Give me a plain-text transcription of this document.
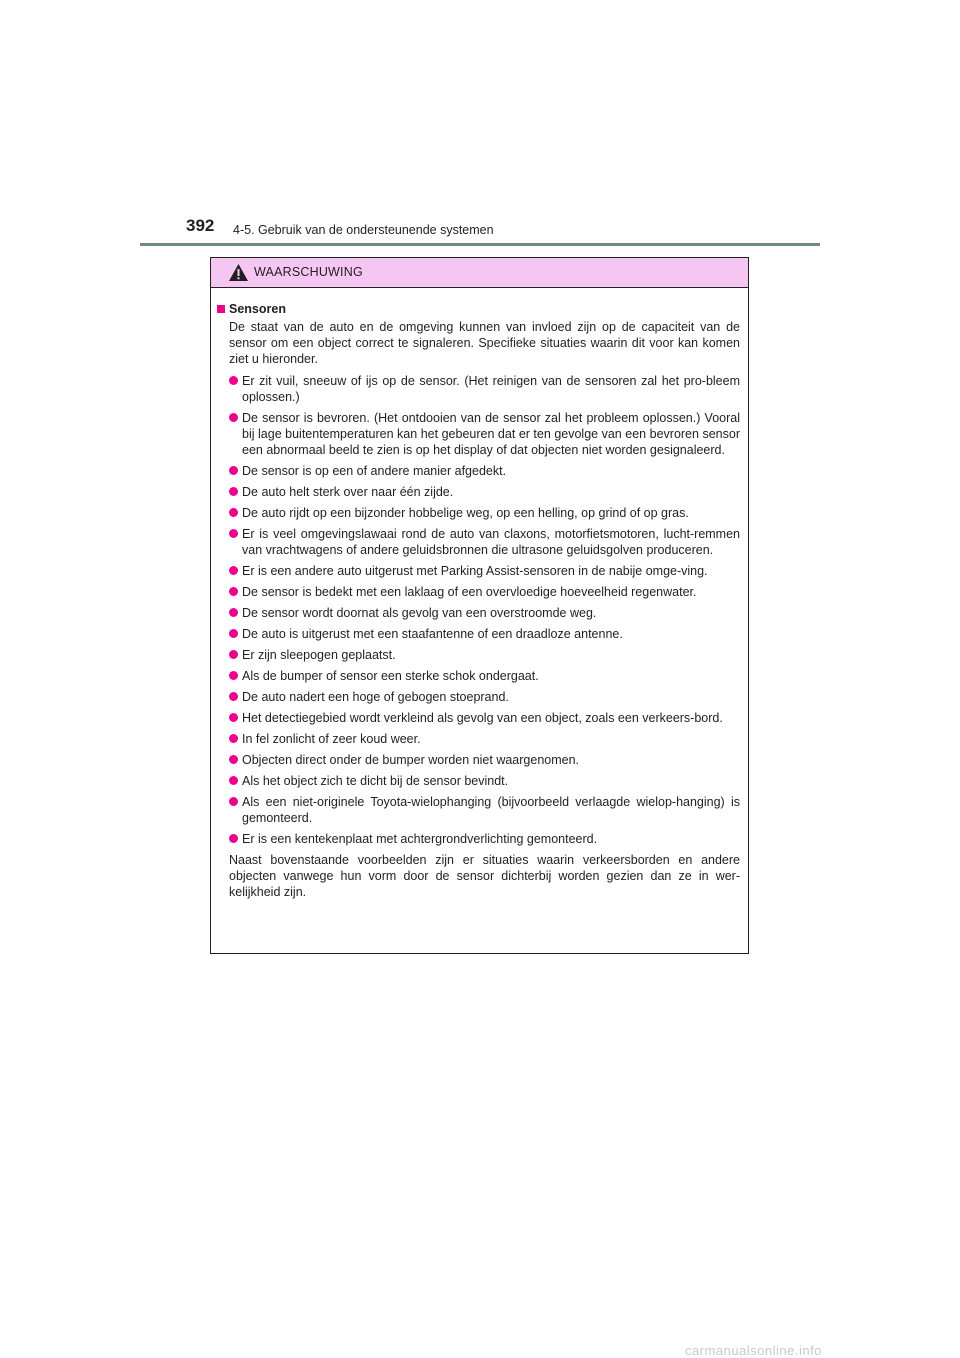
392 4-5. Gebruik van de ondersteunende systemen
WAARSCHUWING
Sensoren

De staat van de auto en de omgeving kunnen van invloed zijn op de capaciteit van de sensor om een object correct te signaleren. Specifieke situaties waarin dit voor kan komen ziet u hieronder.

Er zit vuil, sneeuw of ijs op de sensor. (Het reinigen van de sensoren zal het pro-bleem oplossen.)
De sensor is bevroren. (Het ontdooien van de sensor zal het probleem oplossen.) Vooral bij lage buitentemperaturen kan het gebeuren dat er ten gevolge van een bevroren sensor een abnormaal beeld te zien is op het display of dat objecten niet worden gesignaleerd.
De sensor is op een of andere manier afgedekt.
De auto helt sterk over naar één zijde.
De auto rijdt op een bijzonder hobbelige weg, op een helling, op grind of op gras.
Er is veel omgevingslawaai rond de auto van claxons, motorfietsmotoren, lucht-remmen van vrachtwagens of andere geluidsbronnen die ultrasone geluidsgolven produceren.
Er is een andere auto uitgerust met Parking Assist-sensoren in de nabije omge-ving.
De sensor is bedekt met een laklaag of een overvloedige hoeveelheid regenwater.
De sensor wordt doornat als gevolg van een overstroomde weg.
De auto is uitgerust met een staafantenne of een draadloze antenne.
Er zijn sleepogen geplaatst.
Als de bumper of sensor een sterke schok ondergaat.
De auto nadert een hoge of gebogen stoeprand.
Het detectiegebied wordt verkleind als gevolg van een object, zoals een verkeers-bord.
In fel zonlicht of zeer koud weer.
Objecten direct onder de bumper worden niet waargenomen.
Als het object zich te dicht bij de sensor bevindt.
Als een niet-originele Toyota-wielophanging (bijvoorbeeld verlaagde wielop-hanging) is gemonteerd.
Er is een kentekenplaat met achtergrondverlichting gemonteerd.

Naast bovenstaande voorbeelden zijn er situaties waarin verkeersborden en andere objecten vanwege hun vorm door de sensor dichterbij worden gezien dan ze in wer-kelijkheid zijn.

carmanualsonline.info
